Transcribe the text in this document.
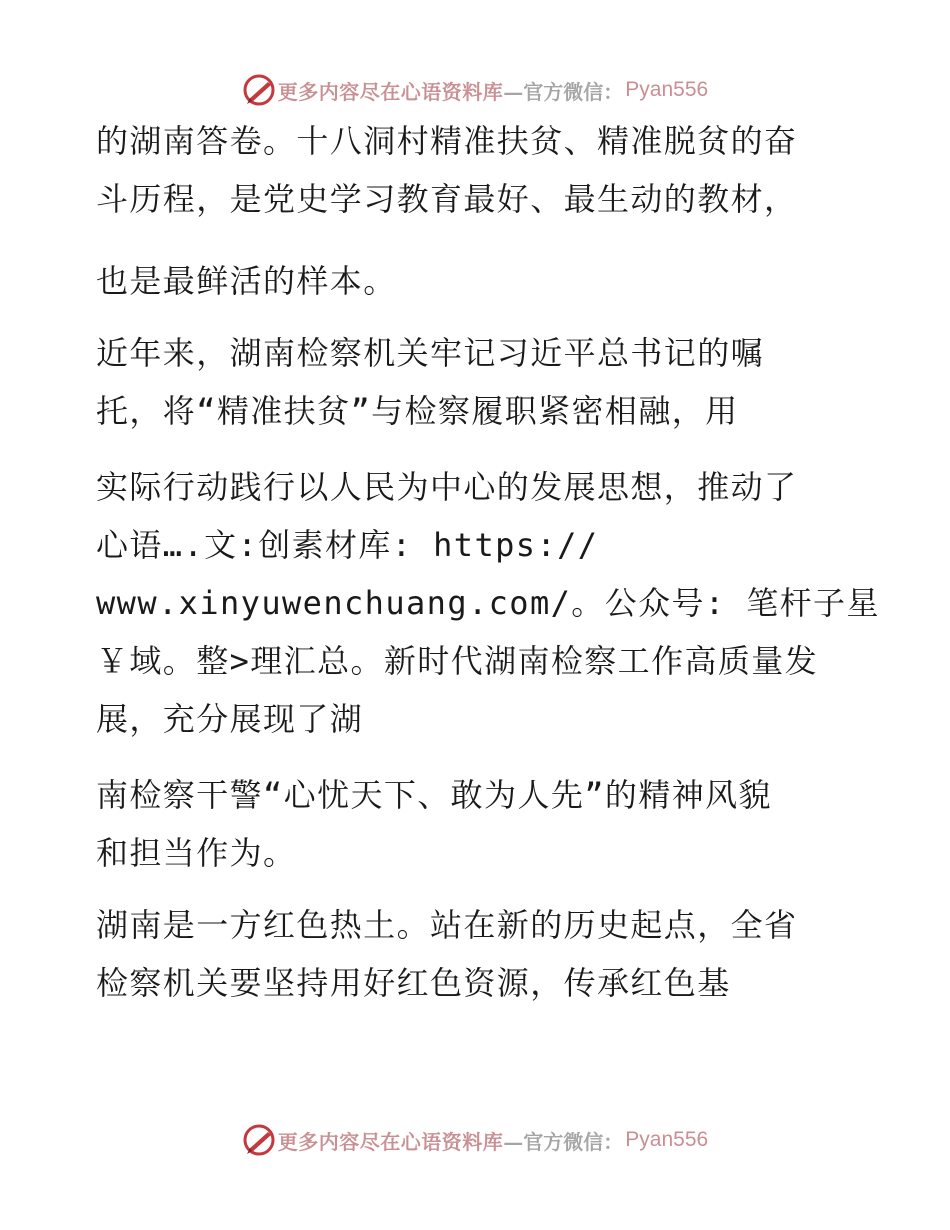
更多内容尽在心语资料库 —官方微信： Pyan556
的湖南答卷。十八洞村精准扶贫、精准脱贫的奋
斗历程，是党史学习教育最好、最生动的教材，
也是最鲜活的样本。
近年来，湖南检察机关牢记习近平总书记的嘱
托，将“精准扶贫”与检察履职紧密相融，用
实际行动践行以人民为中心的发展思想，推动了
心语….文:创素材库: https://
www.xinyuwenchuang.com/。公众号: 笔杆子星
￥域。整>理汇总。新时代湖南检察工作高质量发
展，充分展现了湖
南检察干警“心忧天下、敢为人先”的精神风貌
和担当作为。
湖南是一方红色热土。站在新的历史起点，全省
检察机关要坚持用好红色资源，传承红色基
更多内容尽在心语资料库 —官方微信： Pyan556
